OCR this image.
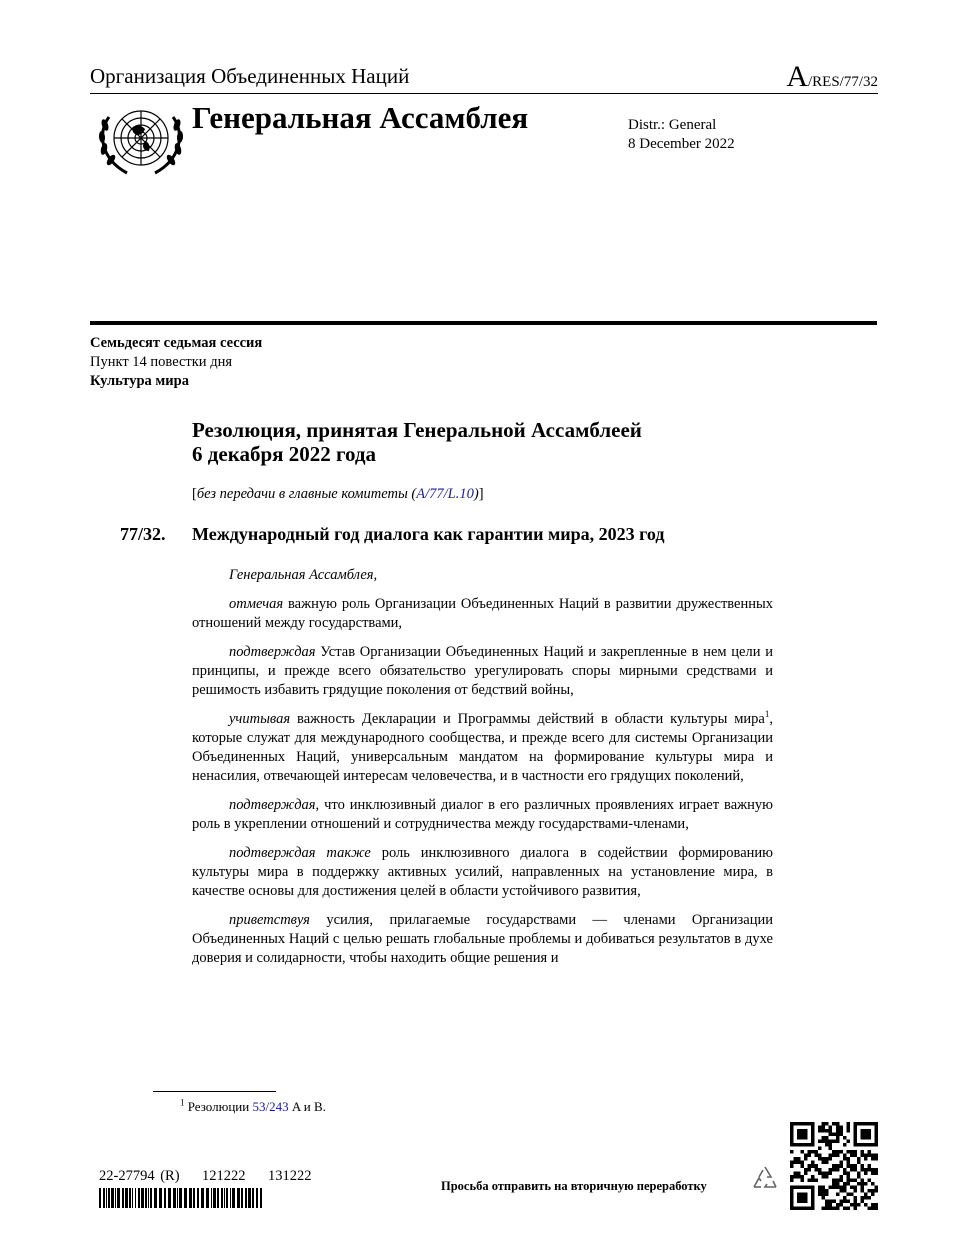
Организация Объединенных Наций	A/RES/77/32
Генеральная Ассамблея	Distr.: General
8 December 2022
Семьдесят седьмая сессия
Пункт 14 повестки дня
Культура мира
Резолюция, принятая Генеральной Ассамблеей
6 декабря 2022 года
[без передачи в главные комитеты (A/77/L.10)]
77/32. Международный год диалога как гарантии мира, 2023 год

Генеральная Ассамблея,

отмечая важную роль Организации Объединенных Наций в развитии дружественных отношений между государствами,

подтверждая Устав Организации Объединенных Наций и закрепленные в нем цели и принципы, и прежде всего обязательство урегулировать споры мирными средствами и решимость избавить грядущие поколения от бедствий войны,

учитывая важность Декларации и Программы действий в области культуры мира$^1$, которые служат для международного сообщества, и прежде всего для системы Организации Объединенных Наций, универсальным мандатом на формирование культуры мира и ненасилия, отвечающей интересам человечества, и в частности его грядущих поколений,

подтверждая, что инклюзивный диалог в его различных проявлениях играет важную роль в укреплении отношений и сотрудничества между государствами-членами,

подтверждая также роль инклюзивного диалога в содействии формированию культуры мира в поддержку активных усилий, направленных на установление мира, в качестве основы для достижения целей в области устойчивого развития,

приветствуя усилия, прилагаемые государствами — членами Организации Объединенных Наций с целью решать глобальные проблемы и добиваться результатов в духе доверия и солидарности, чтобы находить общие решения и

$^1$ Резолюции 53/243 A и B.
22-27794 (R)    121222    131222
Просьба отправить на вторичную переработку
